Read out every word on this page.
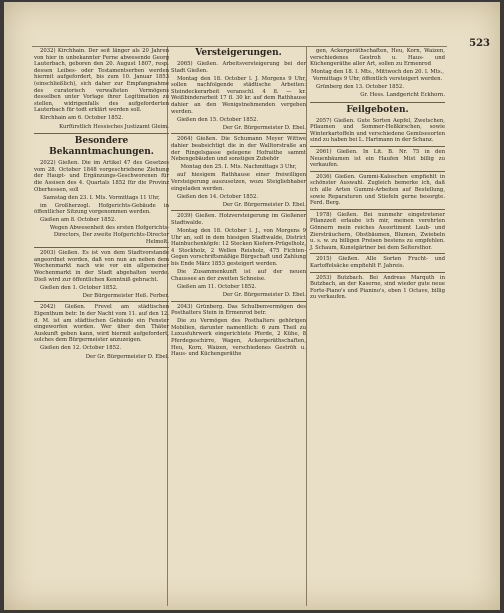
523

2032) Kirchhain. Der seit länger als 20 Jahren von hier in unbekannter Ferne abwesende Georg Lauterbach, geboren den 20. August 1807, resp. dessen Leibes- oder Testamentserben werden hiermit aufgefordert, bis zum 10. Januar 1853 (einschließlich), sich daher zur Empfangnahme des curatorisch verwalteten Vermögens desselben unter Vorlage ihrer Legitimation zu stellen, widrigenfalls des aufgeforderten Lauterbach für todt erklärt werden soll.

Kirchhain am 6. October 1852.

Kurfürstlich Hessisches Justizamt Gleim.

Besondere Bekanntmachungen.

2022) Gießen. Die im Artikel 47 des Gesetzes vom 28. October 1848 vorgeschriebene Ziehung der Haupt- und Ergänzungs-Geschworenen für die Assisen des 4. Quartals 1852 für die Provinz Oberhessen, soll

Samstag den 23. I. Mts. Vormittags 11 Uhr,

im Großherzogl. Hofgerichts-Gebäude in öffentlicher Sitzung vorgenommen werden.

Gießen am 8. October 1852.

Wegen Abwesenheit des ersten Hofgerichts-Directors, Der zweite Hofgerichts-Director Helmolt.

2003) Gießen. Es ist von dem Stadtvorstande angeordnet worden, daß von nun an neben dem Wochenmarkt nach wie vor ein allgemeiner Wochenmarkt in der Stadt abgehalten werde. Dieß wird zur öffentlichen Kenntniß gebracht.

Gießen den 1. October 1852.

Der Bürgermeister Heß. Ferber.

2042) Gießen. Frevel am städtischen Eigenthum betr. In der Nacht vom 11. auf den 12. d. M. ist am städtischen Gebäude ein Fenster eingeworfen worden. Wer über den Thäter Auskunft geben kann, wird hiermit aufgefordert, solches dem Bürgermeister anzuzeigen.

Gießen den 12. October 1852.

Der Gr. Bürgermeister D. Ebel.

Versteigerungen.

2065) Gießen. Arbeitsversteigerung bei der Stadt Gießen.

Montag den 18. October l. J. Morgens 9 Uhr, sollen nachfolgende städtische Arbeiten: Steindeckerarbeit veranschl. 4 fl. — kr. Weißbinderarbeit 17 fl. 30 kr. auf dem Rathhause dahier an den Wenigstnehmenden vergeben werden.

Gießen den 15. October 1852.

Der Gr. Bürgermeister D. Ebel.

2064) Gießen. Die Schumann Meyer Wittwe dahier beabsichtigt die in der Walltorstraße an der Ringelsgasse gelegene Hofraithe sammt Nebengebäuden und sonstigen Zubehör

Montag den 25. I. Mts. Nachmittags 3 Uhr,

auf hiesigem Rathhause einer freiwilligen Versteigerung auszusetzen, wozu Steigliebhaber eingeladen werden.

Gießen den 14. October 1852.

Der Gr. Bürgermeister D. Ebel.

2039) Gießen. Holzversteigerung im Gießener Stadtwalde.

Montag den 18. October l. J., von Morgens 9 Uhr an, soll in dem hiesigen Stadtwalde, District Hainbuchenköpfe: 12 Stecken Kiefern-Prügelholz, 4 Stockholz, 2 Wellen Reisholz, 475 Fichten-Gegen vorschriftsmäßige Bürgschaft und Zahlung bis Ende März 1853 gesteigert werden.

Die Zusammenkunft ist auf der neuen Chaussee an der zweiten Schneise.

Gießen am 11. October 1852.

Der Gr. Bürgermeister D. Ebel.

2043) Grünberg. Das Schulbenvermögen des Posthalters Stein in Ermenrod betr.

Die zu Vermögen des Posthalters gehörigen Mobilien, darunter namentlich: 6 zum Theil zu Luxusfuhrwerk eingerichtete Pferde, 2 Kühe, 8 Pferdegeschirre, Wagen, Ackergeräthschaften, Heu, Korn, Waizen, verschiedenes Geströh u. Haus- und Küchengeräthe

gen, Ackergeräthschaften, Heu, Korn, Waizen, verschiedenes Gestroh u. Haus- und Küchengeräthe aller Art, sollen zu Ermenrod

Montag den 18. I. Mts., Mittwoch den 20. I. Mts., Vormittags 9 Uhr, öffentlich versteigert werden.

Grünberg den 13. October 1852.

Gr. Hess. Landgericht Eckhorn.

Feilgeboten.

2057) Gießen. Gute Sorten Aepfel, Zwetschen, Pflaumen und Sommer-Heßkirschen, sowie Winterkartoffeln und verschiedene Gemüsesorten sind zu haben bei L. Hartmann in der Schanz.

2061) Gießen. In Lit. B. Nr. 75 in den Neuenbäumen ist ein Haufen Mist billig zu verkaufen.

2036) Gießen. Gummi-Kaloschen empfiehlt in schönster Auswahl. Zugleich bemerke ich, daß ich alle Arten Gummi-Arbeiten auf Bestellung, sowie Reparaturen und Stiefeln gerne besorgte. Ferd. Berg.

1978) Gießen. Bei nunmehr eingetretener Pflanzzeit erlaube ich mir, meinen verehrten Gönnern mein reiches Assortiment Laub- und Ziersträuchern, Obstbäumen, Blumen, Zwiebeln u. s. w. zu billigen Preisen bestens zu empfehlen. J. Schaum, Kunstgärtner bei dem Seltersthor.

2015) Gießen. Alle Sorten Frucht- und Kartoffelsäcke empfiehlt F. Jahreis.

2053) Butzbach. Bei Andreas Marquth in Butzbach, an der Kaserne, sind wieder gute neue Forte-Piano's und Pianino's, eben 1 Octave, billig zu verkaufen.
